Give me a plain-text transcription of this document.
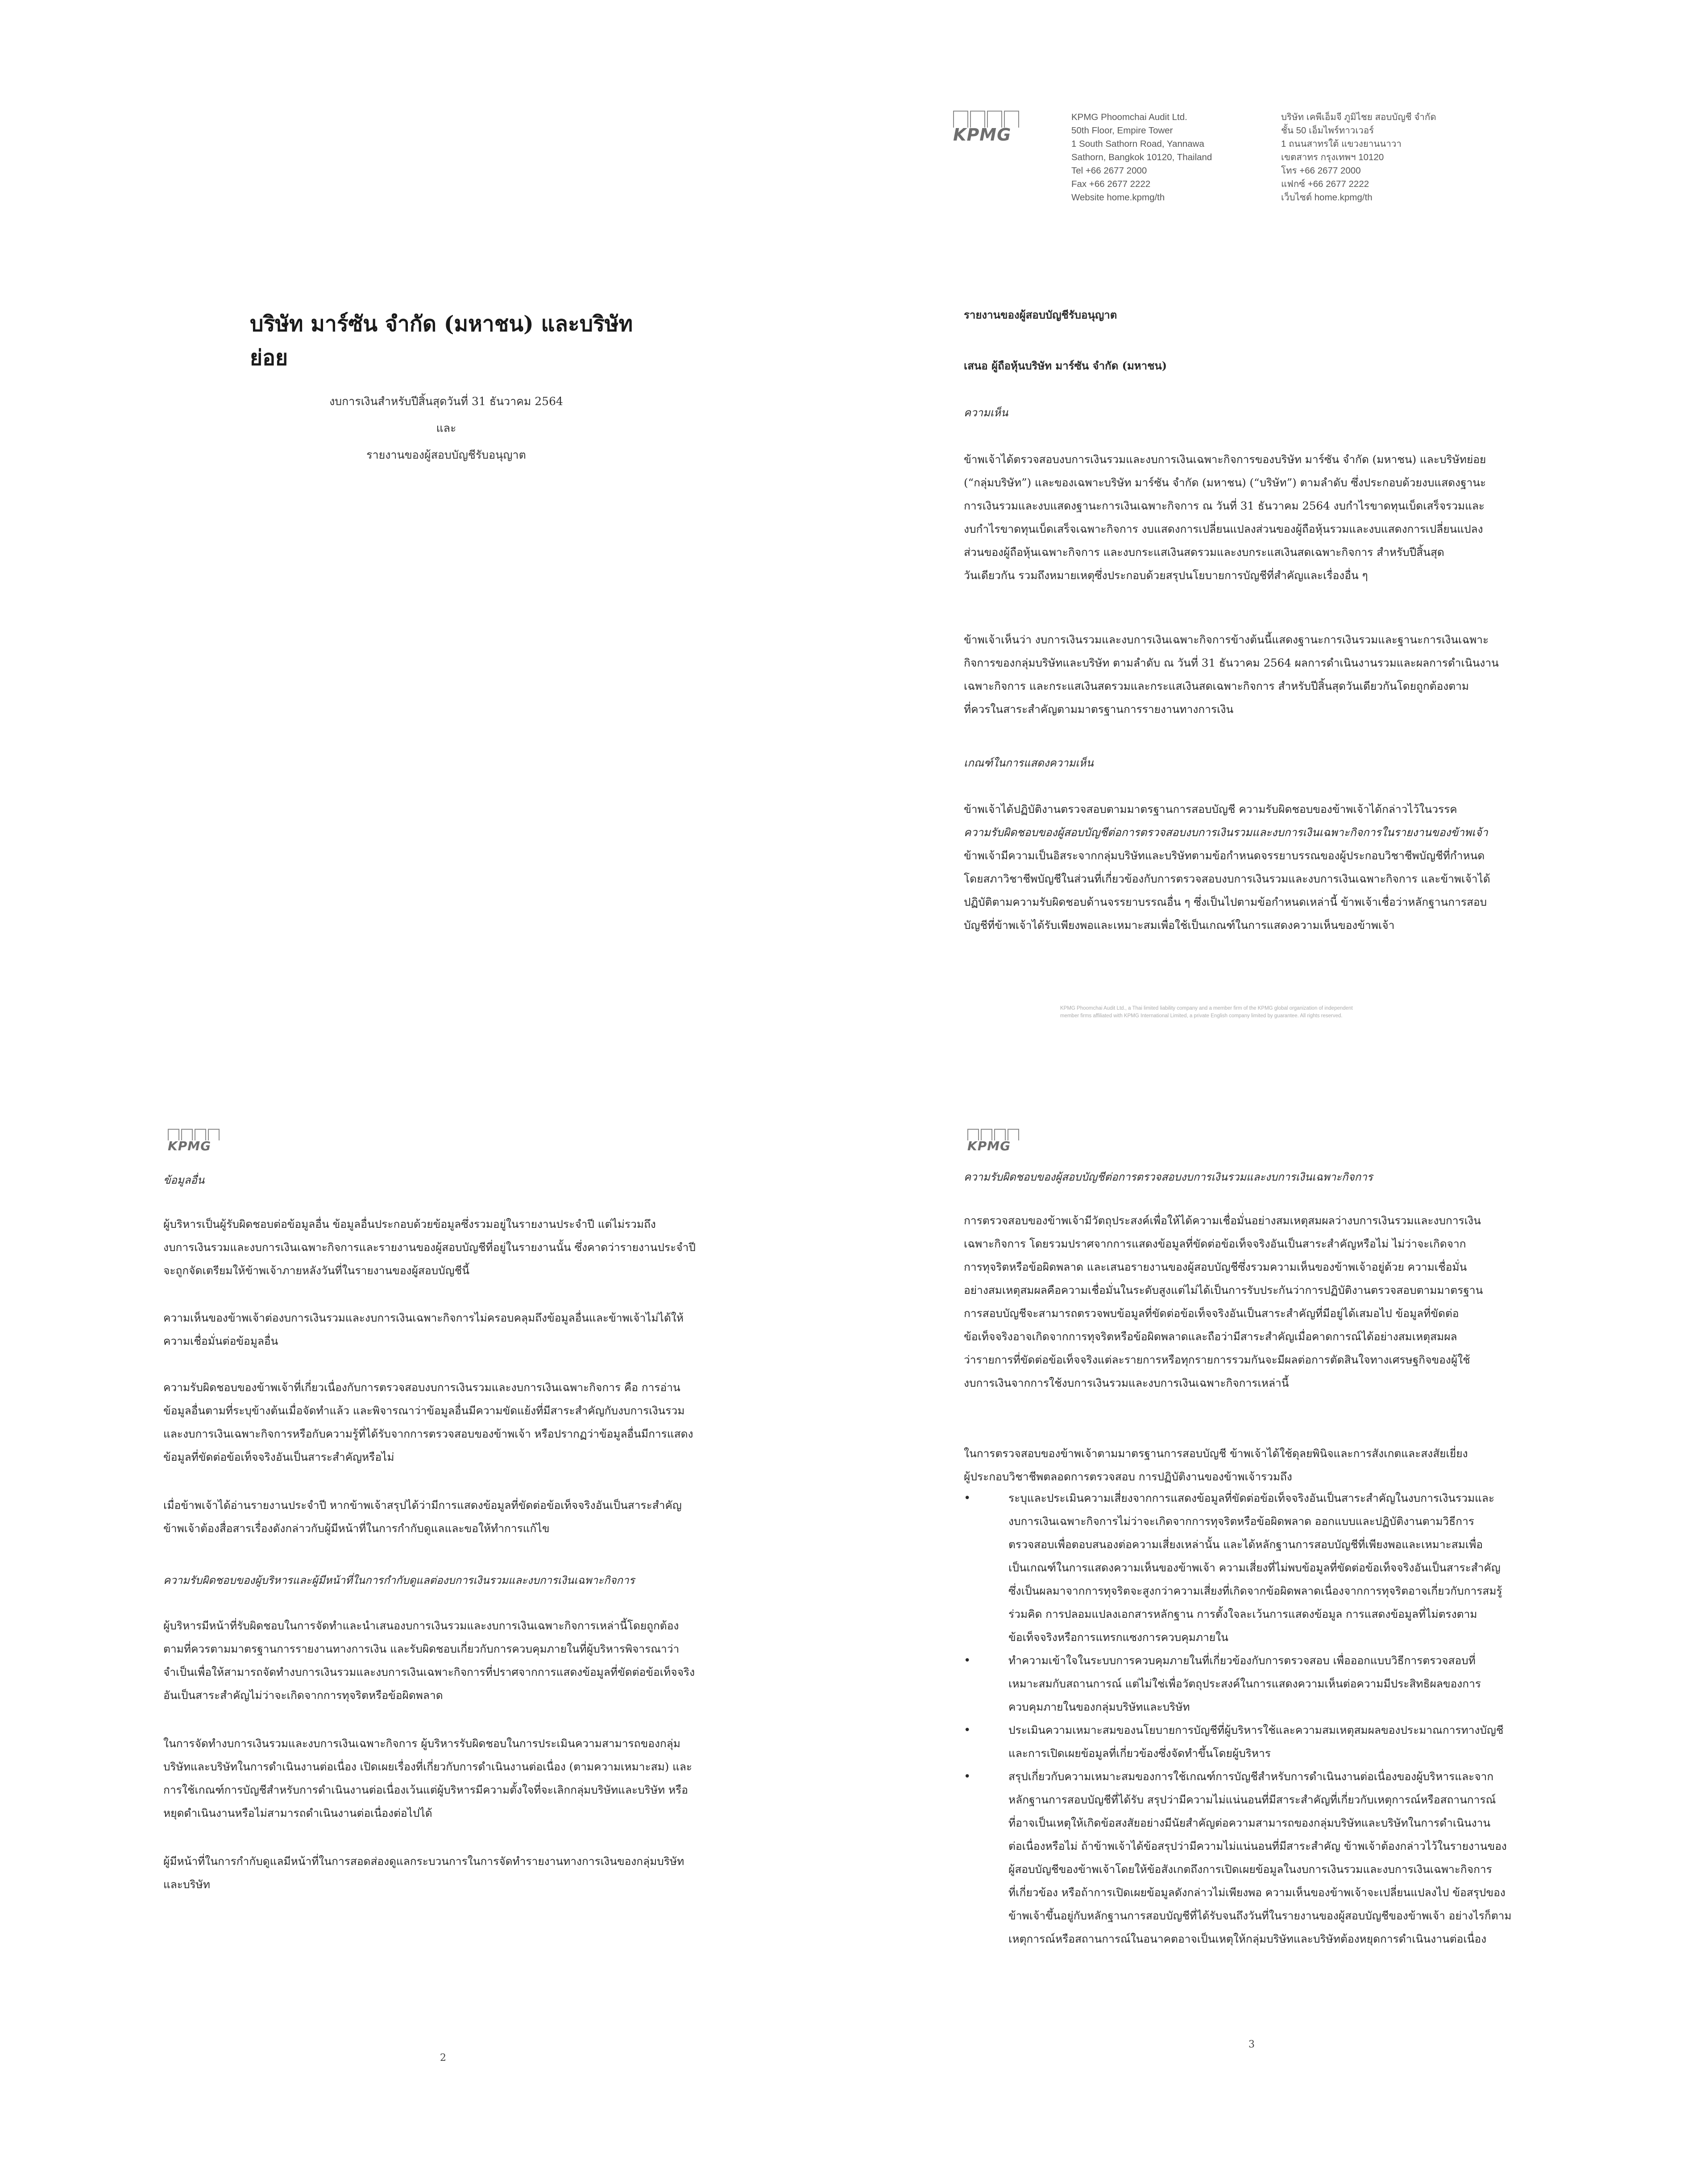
บริษัท มาร์ซัน จำกัด (มหาชน) และบริษัทย่อย
งบการเงินสำหรับปีสิ้นสุดวันที่ 31 ธันวาคม 2564
และ
รายงานของผู้สอบบัญชีรับอนุญาต
KPMG
KPMG Phoomchai Audit Ltd.
50th Floor, Empire Tower
1 South Sathorn Road, Yannawa
Sathorn, Bangkok 10120, Thailand
Tel +66 2677 2000
Fax +66 2677 2222
Website home.kpmg/th
บริษัท เคพีเอ็มจี ภูมิไชย สอบบัญชี จำกัด
ชั้น 50 เอ็มไพร์ทาวเวอร์
1 ถนนสาทรใต้ แขวงยานนาวา
เขตสาทร กรุงเทพฯ 10120
โทร +66 2677 2000
แฟกซ์ +66 2677 2222
เว็บไซต์ home.kpmg/th
รายงานของผู้สอบบัญชีรับอนุญาต
เสนอ ผู้ถือหุ้นบริษัท มาร์ซัน จำกัด (มหาชน)
ความเห็น
ข้าพเจ้าได้ตรวจสอบงบการเงินรวมและงบการเงินเฉพาะกิจการของบริษัท มาร์ซัน จำกัด (มหาชน) และบริษัทย่อย
(“กลุ่มบริษัท”) และของเฉพาะบริษัท มาร์ซัน จำกัด (มหาชน) (“บริษัท”) ตามลำดับ ซึ่งประกอบด้วยงบแสดงฐานะ
การเงินรวมและงบแสดงฐานะการเงินเฉพาะกิจการ ณ วันที่ 31 ธันวาคม 2564 งบกำไรขาดทุนเบ็ดเสร็จรวมและ
งบกำไรขาดทุนเบ็ดเสร็จเฉพาะกิจการ งบแสดงการเปลี่ยนแปลงส่วนของผู้ถือหุ้นรวมและงบแสดงการเปลี่ยนแปลง
ส่วนของผู้ถือหุ้นเฉพาะกิจการ และงบกระแสเงินสดรวมและงบกระแสเงินสดเฉพาะกิจการ สำหรับปีสิ้นสุด
วันเดียวกัน รวมถึงหมายเหตุซึ่งประกอบด้วยสรุปนโยบายการบัญชีที่สำคัญและเรื่องอื่น ๆ
ข้าพเจ้าเห็นว่า งบการเงินรวมและงบการเงินเฉพาะกิจการข้างต้นนี้แสดงฐานะการเงินรวมและฐานะการเงินเฉพาะ
กิจการของกลุ่มบริษัทและบริษัท ตามลำดับ ณ วันที่ 31 ธันวาคม 2564 ผลการดำเนินงานรวมและผลการดำเนินงาน
เฉพาะกิจการ และกระแสเงินสดรวมและกระแสเงินสดเฉพาะกิจการ สำหรับปีสิ้นสุดวันเดียวกันโดยถูกต้องตาม
ที่ควรในสาระสำคัญตามมาตรฐานการรายงานทางการเงิน
เกณฑ์ในการแสดงความเห็น
ข้าพเจ้าได้ปฏิบัติงานตรวจสอบตามมาตรฐานการสอบบัญชี ความรับผิดชอบของข้าพเจ้าได้กล่าวไว้ในวรรค
ความรับผิดชอบของผู้สอบบัญชีต่อการตรวจสอบงบการเงินรวมและงบการเงินเฉพาะกิจการในรายงานของข้าพเจ้า
ข้าพเจ้ามีความเป็นอิสระจากกลุ่มบริษัทและบริษัทตามข้อกำหนดจรรยาบรรณของผู้ประกอบวิชาชีพบัญชีที่กำหนด
โดยสภาวิชาชีพบัญชีในส่วนที่เกี่ยวข้องกับการตรวจสอบงบการเงินรวมและงบการเงินเฉพาะกิจการ และข้าพเจ้าได้
ปฏิบัติตามความรับผิดชอบด้านจรรยาบรรณอื่น ๆ ซึ่งเป็นไปตามข้อกำหนดเหล่านี้ ข้าพเจ้าเชื่อว่าหลักฐานการสอบ
บัญชีที่ข้าพเจ้าได้รับเพียงพอและเหมาะสมเพื่อใช้เป็นเกณฑ์ในการแสดงความเห็นของข้าพเจ้า
KPMG Phoomchai Audit Ltd., a Thai limited liability company and a member firm of the KPMG global organization of independent
member firms affiliated with KPMG International Limited, a private English company limited by guarantee. All rights reserved.
KPMG
ข้อมูลอื่น
ผู้บริหารเป็นผู้รับผิดชอบต่อข้อมูลอื่น ข้อมูลอื่นประกอบด้วยข้อมูลซึ่งรวมอยู่ในรายงานประจำปี แต่ไม่รวมถึง
งบการเงินรวมและงบการเงินเฉพาะกิจการและรายงานของผู้สอบบัญชีที่อยู่ในรายงานนั้น ซึ่งคาดว่ารายงานประจำปี
จะถูกจัดเตรียมให้ข้าพเจ้าภายหลังวันที่ในรายงานของผู้สอบบัญชีนี้
ความเห็นของข้าพเจ้าต่องบการเงินรวมและงบการเงินเฉพาะกิจการไม่ครอบคลุมถึงข้อมูลอื่นและข้าพเจ้าไม่ได้ให้
ความเชื่อมั่นต่อข้อมูลอื่น
ความรับผิดชอบของข้าพเจ้าที่เกี่ยวเนื่องกับการตรวจสอบงบการเงินรวมและงบการเงินเฉพาะกิจการ คือ การอ่าน
ข้อมูลอื่นตามที่ระบุข้างต้นเมื่อจัดทำแล้ว และพิจารณาว่าข้อมูลอื่นมีความขัดแย้งที่มีสาระสำคัญกับงบการเงินรวม
และงบการเงินเฉพาะกิจการหรือกับความรู้ที่ได้รับจากการตรวจสอบของข้าพเจ้า หรือปรากฏว่าข้อมูลอื่นมีการแสดง
ข้อมูลที่ขัดต่อข้อเท็จจริงอันเป็นสาระสำคัญหรือไม่
เมื่อข้าพเจ้าได้อ่านรายงานประจำปี หากข้าพเจ้าสรุปได้ว่ามีการแสดงข้อมูลที่ขัดต่อข้อเท็จจริงอันเป็นสาระสำคัญ
ข้าพเจ้าต้องสื่อสารเรื่องดังกล่าวกับผู้มีหน้าที่ในการกำกับดูแลและขอให้ทำการแก้ไข
ความรับผิดชอบของผู้บริหารและผู้มีหน้าที่ในการกำกับดูแลต่องบการเงินรวมและงบการเงินเฉพาะกิจการ
ผู้บริหารมีหน้าที่รับผิดชอบในการจัดทำและนำเสนองบการเงินรวมและงบการเงินเฉพาะกิจการเหล่านี้โดยถูกต้อง
ตามที่ควรตามมาตรฐานการรายงานทางการเงิน และรับผิดชอบเกี่ยวกับการควบคุมภายในที่ผู้บริหารพิจารณาว่า
จำเป็นเพื่อให้สามารถจัดทำงบการเงินรวมและงบการเงินเฉพาะกิจการที่ปราศจากการแสดงข้อมูลที่ขัดต่อข้อเท็จจริง
อันเป็นสาระสำคัญไม่ว่าจะเกิดจากการทุจริตหรือข้อผิดพลาด
ในการจัดทำงบการเงินรวมและงบการเงินเฉพาะกิจการ ผู้บริหารรับผิดชอบในการประเมินความสามารถของกลุ่ม
บริษัทและบริษัทในการดำเนินงานต่อเนื่อง เปิดเผยเรื่องที่เกี่ยวกับการดำเนินงานต่อเนื่อง (ตามความเหมาะสม) และ
การใช้เกณฑ์การบัญชีสำหรับการดำเนินงานต่อเนื่องเว้นแต่ผู้บริหารมีความตั้งใจที่จะเลิกกลุ่มบริษัทและบริษัท หรือ
หยุดดำเนินงานหรือไม่สามารถดำเนินงานต่อเนื่องต่อไปได้
ผู้มีหน้าที่ในการกำกับดูแลมีหน้าที่ในการสอดส่องดูแลกระบวนการในการจัดทำรายงานทางการเงินของกลุ่มบริษัท
และบริษัท
2
KPMG
ความรับผิดชอบของผู้สอบบัญชีต่อการตรวจสอบงบการเงินรวมและงบการเงินเฉพาะกิจการ
การตรวจสอบของข้าพเจ้ามีวัตถุประสงค์เพื่อให้ได้ความเชื่อมั่นอย่างสมเหตุสมผลว่างบการเงินรวมและงบการเงิน
เฉพาะกิจการ โดยรวมปราศจากการแสดงข้อมูลที่ขัดต่อข้อเท็จจริงอันเป็นสาระสำคัญหรือไม่ ไม่ว่าจะเกิดจาก
การทุจริตหรือข้อผิดพลาด และเสนอรายงานของผู้สอบบัญชีซึ่งรวมความเห็นของข้าพเจ้าอยู่ด้วย ความเชื่อมั่น
อย่างสมเหตุสมผลคือความเชื่อมั่นในระดับสูงแต่ไม่ได้เป็นการรับประกันว่าการปฏิบัติงานตรวจสอบตามมาตรฐาน
การสอบบัญชีจะสามารถตรวจพบข้อมูลที่ขัดต่อข้อเท็จจริงอันเป็นสาระสำคัญที่มีอยู่ได้เสมอไป ข้อมูลที่ขัดต่อ
ข้อเท็จจริงอาจเกิดจากการทุจริตหรือข้อผิดพลาดและถือว่ามีสาระสำคัญเมื่อคาดการณ์ได้อย่างสมเหตุสมผล
ว่ารายการที่ขัดต่อข้อเท็จจริงแต่ละรายการหรือทุกรายการรวมกันจะมีผลต่อการตัดสินใจทางเศรษฐกิจของผู้ใช้
งบการเงินจากการใช้งบการเงินรวมและงบการเงินเฉพาะกิจการเหล่านี้
ในการตรวจสอบของข้าพเจ้าตามมาตรฐานการสอบบัญชี ข้าพเจ้าได้ใช้ดุลยพินิจและการสังเกตและสงสัยเยี่ยง
ผู้ประกอบวิชาชีพตลอดการตรวจสอบ การปฏิบัติงานของข้าพเจ้ารวมถึง
• ระบุและประเมินความเสี่ยงจากการแสดงข้อมูลที่ขัดต่อข้อเท็จจริงอันเป็นสาระสำคัญในงบการเงินรวมและ
งบการเงินเฉพาะกิจการไม่ว่าจะเกิดจากการทุจริตหรือข้อผิดพลาด ออกแบบและปฏิบัติงานตามวิธีการ
ตรวจสอบเพื่อตอบสนองต่อความเสี่ยงเหล่านั้น และได้หลักฐานการสอบบัญชีที่เพียงพอและเหมาะสมเพื่อ
เป็นเกณฑ์ในการแสดงความเห็นของข้าพเจ้า ความเสี่ยงที่ไม่พบข้อมูลที่ขัดต่อข้อเท็จจริงอันเป็นสาระสำคัญ
ซึ่งเป็นผลมาจากการทุจริตจะสูงกว่าความเสี่ยงที่เกิดจากข้อผิดพลาดเนื่องจากการทุจริตอาจเกี่ยวกับการสมรู้
ร่วมคิด การปลอมแปลงเอกสารหลักฐาน การตั้งใจละเว้นการแสดงข้อมูล การแสดงข้อมูลที่ไม่ตรงตาม
ข้อเท็จจริงหรือการแทรกแซงการควบคุมภายใน
• ทำความเข้าใจในระบบการควบคุมภายในที่เกี่ยวข้องกับการตรวจสอบ เพื่อออกแบบวิธีการตรวจสอบที่
เหมาะสมกับสถานการณ์ แต่ไม่ใช่เพื่อวัตถุประสงค์ในการแสดงความเห็นต่อความมีประสิทธิผลของการ
ควบคุมภายในของกลุ่มบริษัทและบริษัท
• ประเมินความเหมาะสมของนโยบายการบัญชีที่ผู้บริหารใช้และความสมเหตุสมผลของประมาณการทางบัญชี
และการเปิดเผยข้อมูลที่เกี่ยวข้องซึ่งจัดทำขึ้นโดยผู้บริหาร
• สรุปเกี่ยวกับความเหมาะสมของการใช้เกณฑ์การบัญชีสำหรับการดำเนินงานต่อเนื่องของผู้บริหารและจาก
หลักฐานการสอบบัญชีที่ได้รับ สรุปว่ามีความไม่แน่นอนที่มีสาระสำคัญที่เกี่ยวกับเหตุการณ์หรือสถานการณ์
ที่อาจเป็นเหตุให้เกิดข้อสงสัยอย่างมีนัยสำคัญต่อความสามารถของกลุ่มบริษัทและบริษัทในการดำเนินงาน
ต่อเนื่องหรือไม่ ถ้าข้าพเจ้าได้ข้อสรุปว่ามีความไม่แน่นอนที่มีสาระสำคัญ ข้าพเจ้าต้องกล่าวไว้ในรายงานของ
ผู้สอบบัญชีของข้าพเจ้าโดยให้ข้อสังเกตถึงการเปิดเผยข้อมูลในงบการเงินรวมและงบการเงินเฉพาะกิจการ
ที่เกี่ยวข้อง หรือถ้าการเปิดเผยข้อมูลดังกล่าวไม่เพียงพอ ความเห็นของข้าพเจ้าจะเปลี่ยนแปลงไป ข้อสรุปของ
ข้าพเจ้าขึ้นอยู่กับหลักฐานการสอบบัญชีที่ได้รับจนถึงวันที่ในรายงานของผู้สอบบัญชีของข้าพเจ้า อย่างไรก็ตาม
เหตุการณ์หรือสถานการณ์ในอนาคตอาจเป็นเหตุให้กลุ่มบริษัทและบริษัทต้องหยุดการดำเนินงานต่อเนื่อง
3
